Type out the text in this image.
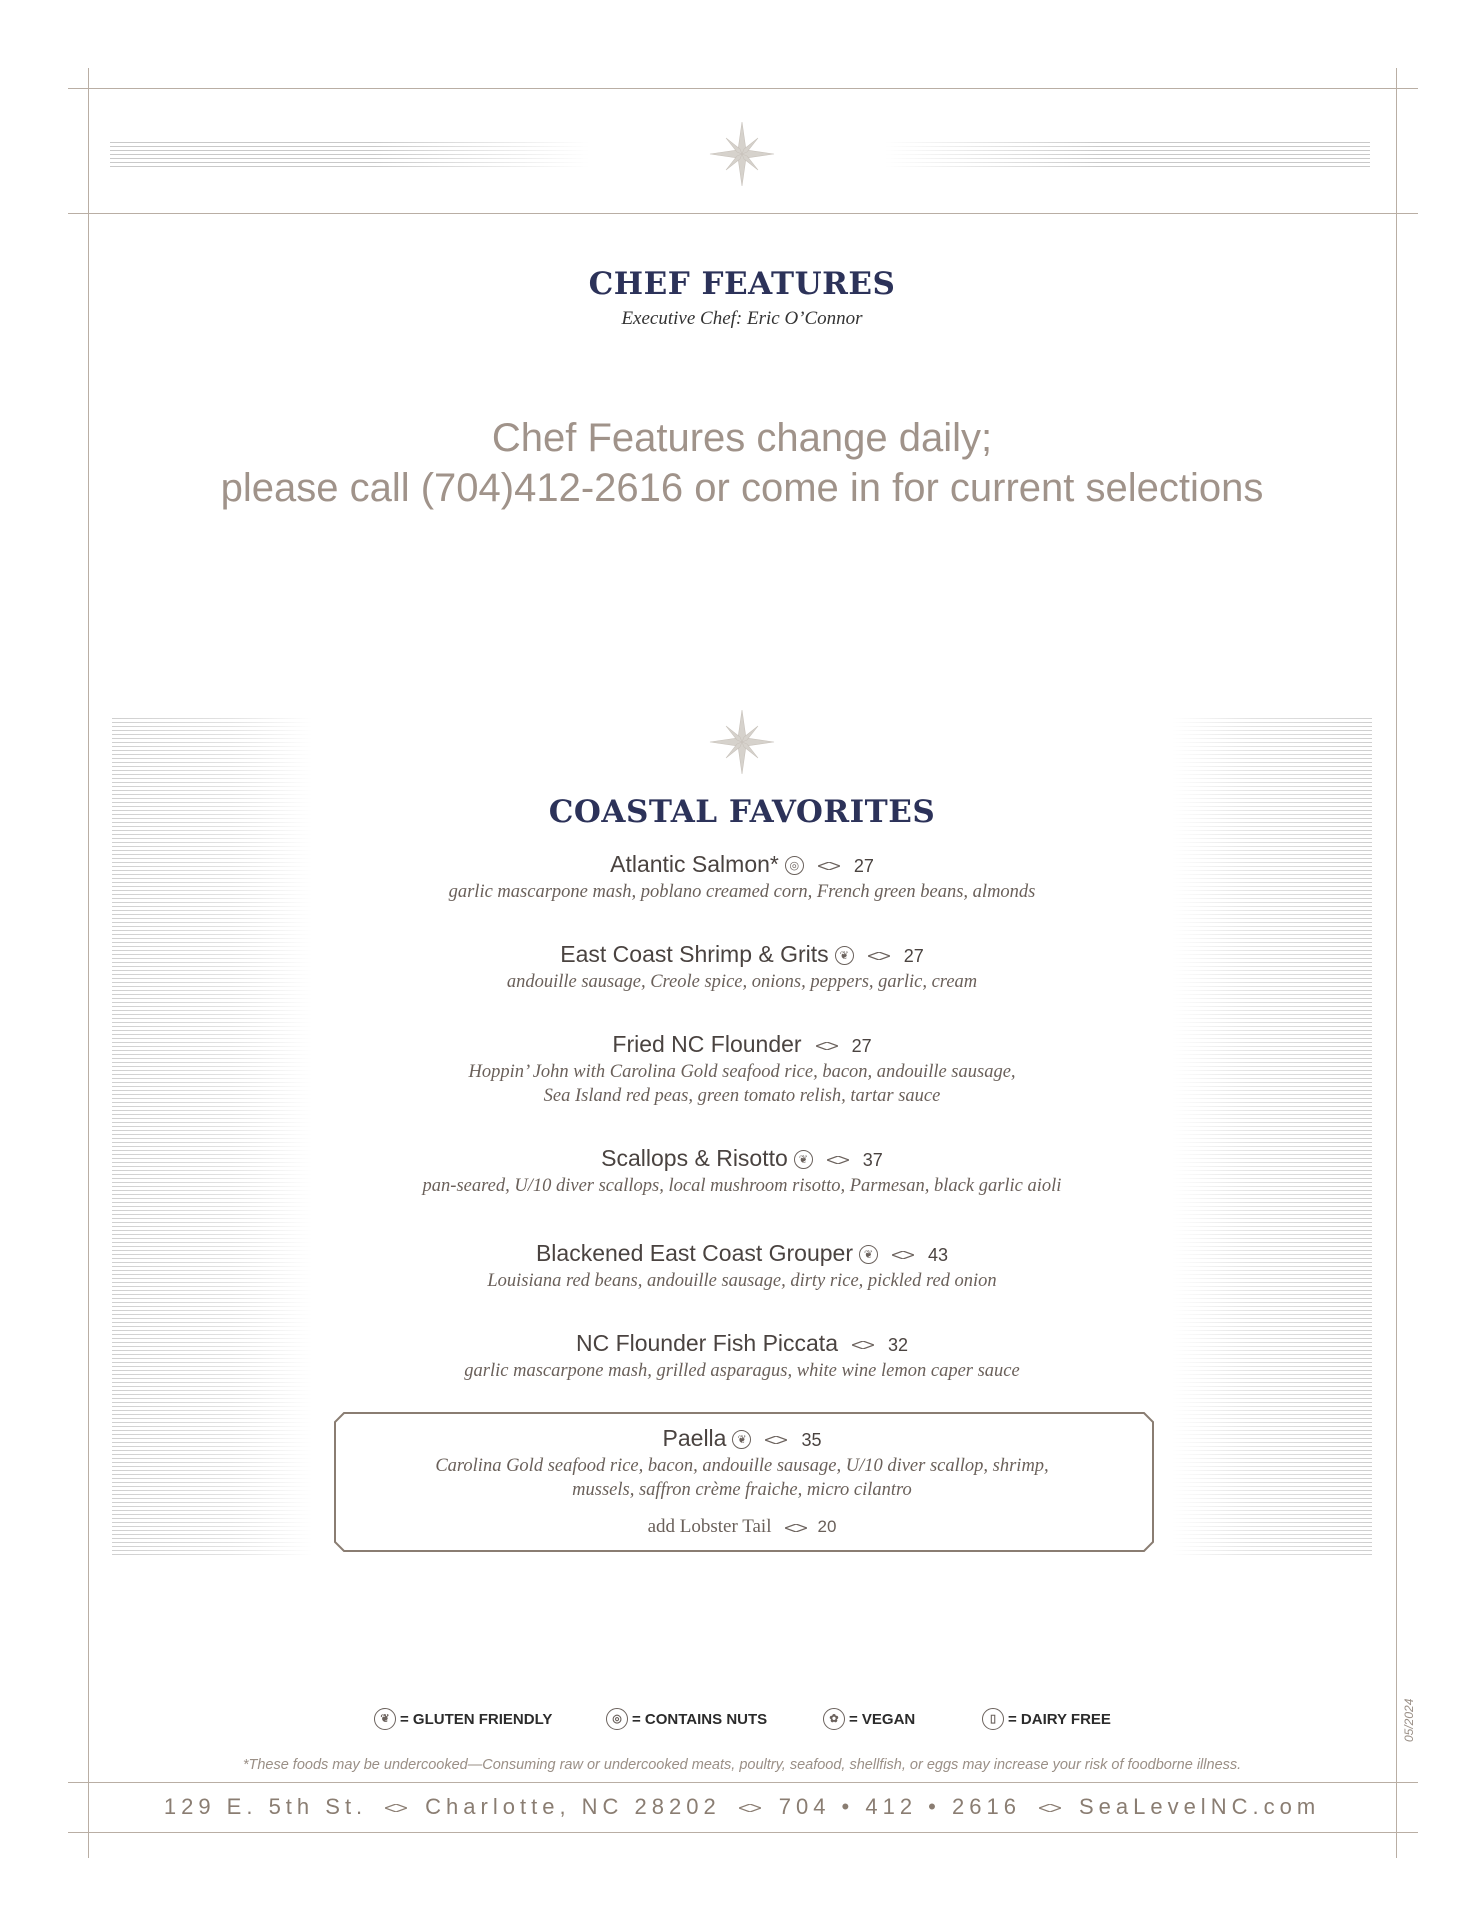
CHEF FEATURES
Executive Chef: Eric O’Connor
Chef Features change daily;
please call (704)412-2616 or come in for current selections
COASTAL FAVORITES
Atlantic Salmon* ◎	27
garlic mascarpone mash, poblano creamed corn, French green beans, almonds
East Coast Shrimp & Grits ❦	27
andouille sausage, Creole spice, onions, peppers, garlic, cream
Fried NC Flounder	27
Hoppin’ John with Carolina Gold seafood rice, bacon, andouille sausage,
Sea Island red peas, green tomato relish, tartar sauce
Scallops & Risotto ❦	37
pan-seared, U/10 diver scallops, local mushroom risotto, Parmesan, black garlic aioli
Blackened East Coast Grouper ❦	43
Louisiana red beans, andouille sausage, dirty rice, pickled red onion
NC Flounder Fish Piccata	32
garlic mascarpone mash, grilled asparagus, white wine lemon caper sauce
Paella ❦	35
Carolina Gold seafood rice, bacon, andouille sausage, U/10 diver scallop, shrimp,
mussels, saffron crème fraiche, micro cilantro
add Lobster Tail	20
❦ = GLUTEN FRIENDLY	◎ = CONTAINS NUTS	✿ = VEGAN	▯ = DAIRY FREE
*These foods may be undercooked—Consuming raw or undercooked meats, poultry, seafood, shellfish, or eggs may increase your risk of foodborne illness.
05/2024
129 E. 5th St.	Charlotte, NC 28202	704 • 412 • 2616	SeaLevelNC.com
